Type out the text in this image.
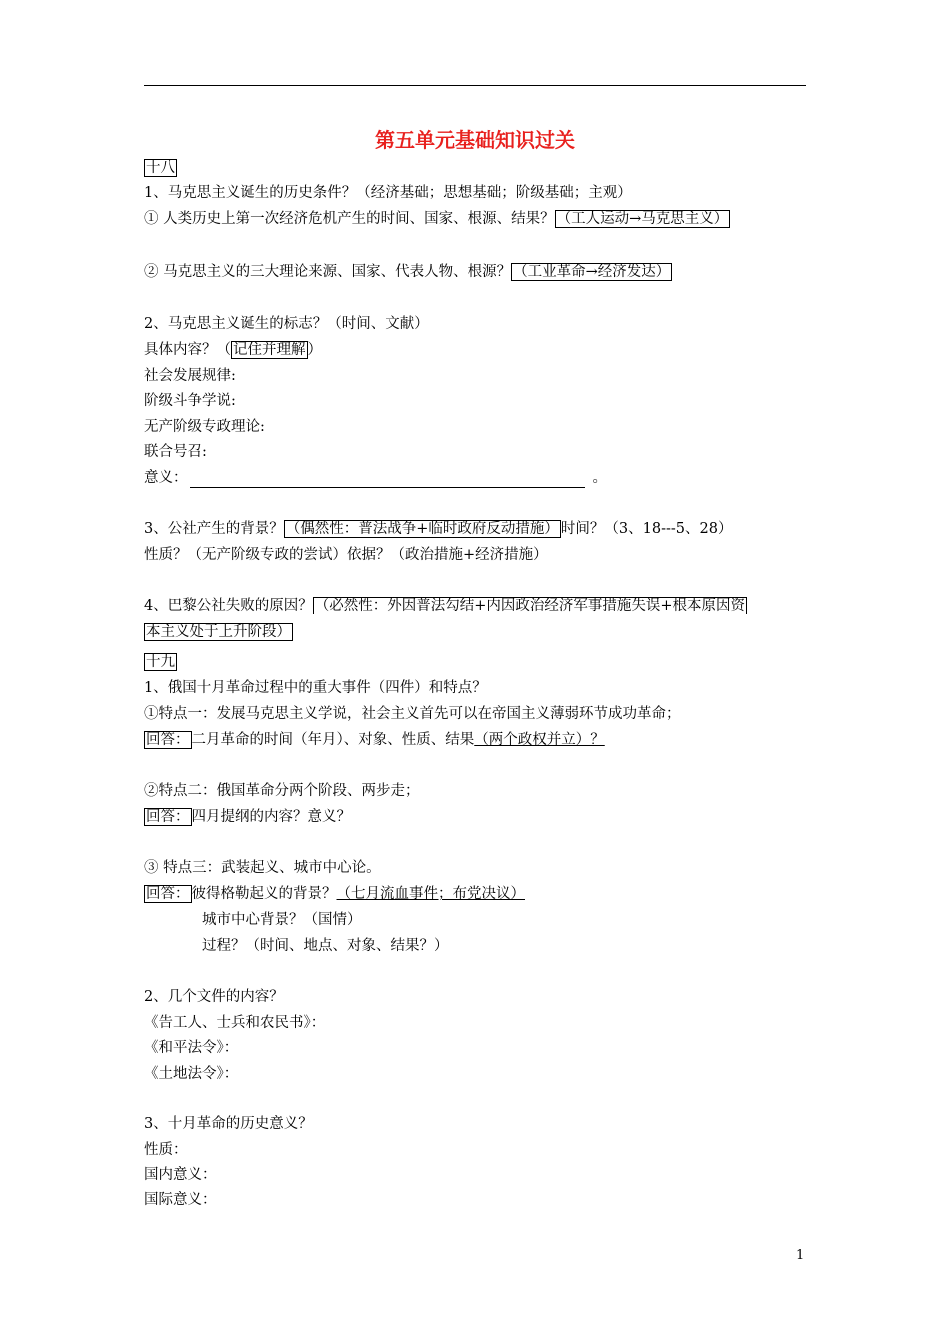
第五单元基础知识过关
十八
1、马克思主义诞生的历史条件？（经济基础；思想基础；阶级基础；主观）
① 人类历史上第一次经济危机产生的时间、国家、根源、结果？ （工人运动→马克思主义）
② 马克思主义的三大理论来源、国家、代表人物、根源？ （工业革命→经济发达）
2、马克思主义诞生的标志？（时间、文献）
具体内容？（ 记住并理解 ）
社会发展规律:
阶级斗争学说:
无产阶级专政理论:
联合号召:
意义：	。
3、公社产生的背景？ （偶然性：普法战争+临时政府反动措施） 时间？（3、18---5、28）
性质？（无产阶级专政的尝试）依据？（政治措施+经济措施）
4、巴黎公社失败的原因？ （必然性：外因普法勾结+内因政治经济军事措施失误+根本原因资
本主义处于上升阶段）
十九
1、俄国十月革命过程中的重大事件（四件）和特点？
①特点一：发展马克思主义学说，社会主义首先可以在帝国主义薄弱环节成功革命；
回答： 二月革命的时间（年月）、对象、性质、结果（两个政权并立）？
②特点二：俄国革命分两个阶段、两步走；
回答： 四月提纲的内容？意义？
③ 特点三：武装起义、城市中心论。
回答： 彼得格勒起义的背景？（七月流血事件；布党决议）
城市中心背景？（国情）
过程？（时间、地点、对象、结果？）
2、几个文件的内容？
《告工人、士兵和农民书》：
《和平法令》：
《土地法令》：
3、十月革命的历史意义？
性质：
国内意义：
国际意义：
1
